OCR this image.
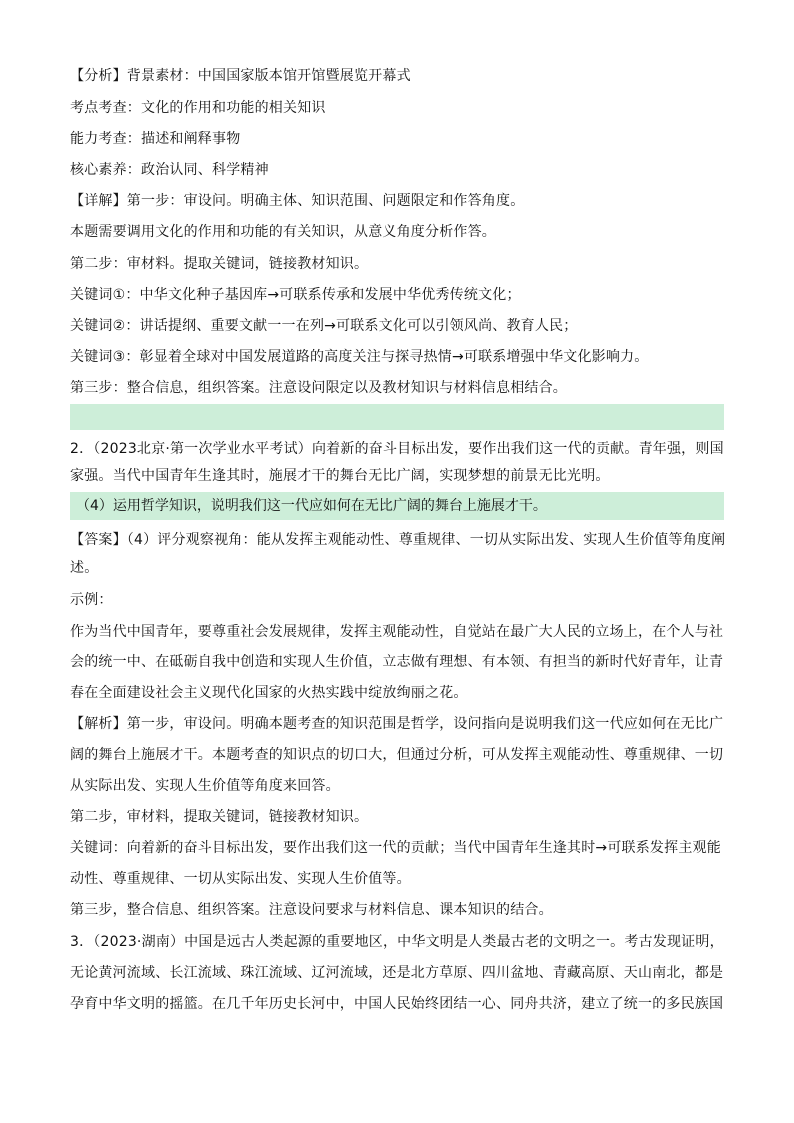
【分析】背景素材：中国国家版本馆开馆暨展览开幕式
考点考查：文化的作用和功能的相关知识
能力考查：描述和阐释事物
核心素养：政治认同、科学精神
【详解】第一步：审设问。明确主体、知识范围、问题限定和作答角度。
本题需要调用文化的作用和功能的有关知识，从意义角度分析作答。
第二步：审材料。提取关键词，链接教材知识。
关键词①：中华文化种子基因库→可联系传承和发展中华优秀传统文化；
关键词②：讲话提纲、重要文献一一在列→可联系文化可以引领风尚、教育人民；
关键词③：彰显着全球对中国发展道路的高度关注与探寻热情→可联系增强中华文化影响力。
第三步：整合信息，组织答案。注意设问限定以及教材知识与材料信息相结合。
2．（2023北京·第一次学业水平考试）向着新的奋斗目标出发，要作出我们这一代的贡献。青年强，则国
家强。当代中国青年生逢其时，施展才干的舞台无比广阔，实现梦想的前景无比光明。
（4）运用哲学知识，说明我们这一代应如何在无比广阔的舞台上施展才干。
【答案】（4）评分观察视角：能从发挥主观能动性、尊重规律、一切从实际出发、实现人生价值等角度阐
述。
示例：
作为当代中国青年，要尊重社会发展规律，发挥主观能动性，自觉站在最广大人民的立场上，在个人与社
会的统一中、在砥砺自我中创造和实现人生价值，立志做有理想、有本领、有担当的新时代好青年，让青
春在全面建设社会主义现代化国家的火热实践中绽放绚丽之花。
【解析】第一步，审设问。明确本题考查的知识范围是哲学，设问指向是说明我们这一代应如何在无比广
阔的舞台上施展才干。本题考查的知识点的切口大，但通过分析，可从发挥主观能动性、尊重规律、一切
从实际出发、实现人生价值等角度来回答。
第二步，审材料，提取关键词，链接教材知识。
关键词：向着新的奋斗目标出发，要作出我们这一代的贡献；当代中国青年生逢其时→可联系发挥主观能
动性、尊重规律、一切从实际出发、实现人生价值等。
第三步，整合信息、组织答案。注意设问要求与材料信息、课本知识的结合。
3．（2023·湖南）中国是远古人类起源的重要地区，中华文明是人类最古老的文明之一。考古发现证明，
无论黄河流域、长江流域、珠江流域、辽河流域，还是北方草原、四川盆地、青藏高原、天山南北，都是
孕育中华文明的摇篮。在几千年历史长河中，中国人民始终团结一心、同舟共济，建立了统一的多民族国
